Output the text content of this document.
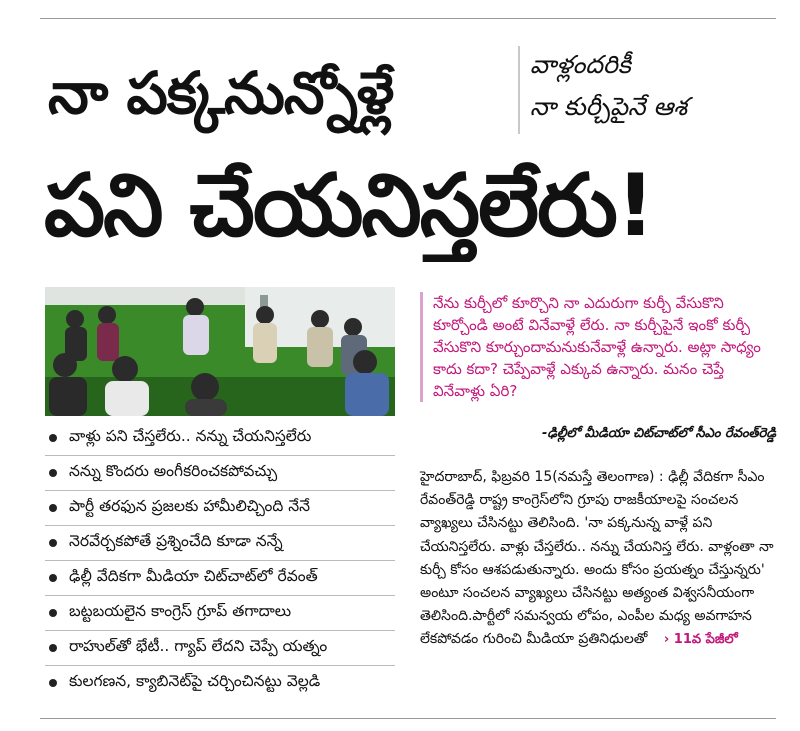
నా పక్కనున్నోళ్లే	వాళ్లందరికీ
నా కుర్చీపైనే ఆశ
పని చేయనిస్తలేరు!
నేను కుర్చీలో కూర్చొని నా ఎదురుగా కుర్చీ వేసుకొని కూర్చోండి అంటే వినేవాళ్లే లేరు. నా కుర్చీపైనే ఇంకో కుర్చీ వేసుకొని కూర్చుందామనుకునేవాళ్లే ఉన్నారు. అట్లా సాధ్యం కాదు కదా? చెప్పేవాళ్లే ఎక్కువ ఉన్నారు. మనం చెప్తే వినేవాళ్లు ఏరి?
-ఢిల్లీలో మీడియా చిట్‌చాట్‌లో సీఎం రేవంత్‌రెడ్డి
వాళ్లు పని చేస్తలేరు.. నన్ను చేయనిస్తలేరు
నన్ను కొందరు అంగీకరించకపోవచ్చు
పార్టీ తరఫున ప్రజలకు హామీలిచ్చింది నేనే
నెరవేర్చకపోతే ప్రశ్నించేది కూడా నన్నే
ఢిల్లీ వేదికగా మీడియా చిట్‌చాట్‌లో రేవంత్
బట్టబయలైన కాంగ్రెస్ గ్రూప్ తగాదాలు
రాహుల్‌తో భేటీ.. గ్యాప్ లేదని చెప్పే యత్నం
కులగణన, క్యాబినెట్‌పై చర్చించినట్టు వెల్లడి
హైదరాబాద్, ఫిబ్రవరి 15(నమస్తే తెలంగాణ) : ఢిల్లీ వేదికగా సీఎం రేవంత్‌రెడ్డి రాష్ట్ర కాంగ్రెస్‌లోని గ్రూపు రాజకీయాలపై సంచలన వ్యాఖ్యలు చేసినట్టు తెలిసింది. 'నా పక్కనున్న వాళ్లే పని చేయనిస్తలేరు. వాళ్లు చేస్తలేరు.. నన్ను చేయనిస్త లేరు. వాళ్లంతా నా కుర్చీ కోసం ఆశపడుతున్నారు. అందు కోసం ప్రయత్నం చేస్తున్నరు' అంటూ సంచలన వ్యాఖ్యలు చేసినట్టు అత్యంత విశ్వసనీయంగా తెలిసింది.పార్టీలో సమన్వయ లోపం, ఎంపీల మధ్య అవగాహన లేకపోవడం గురించి మీడియా ప్రతినిధులతో › 11వ పేజీలో
